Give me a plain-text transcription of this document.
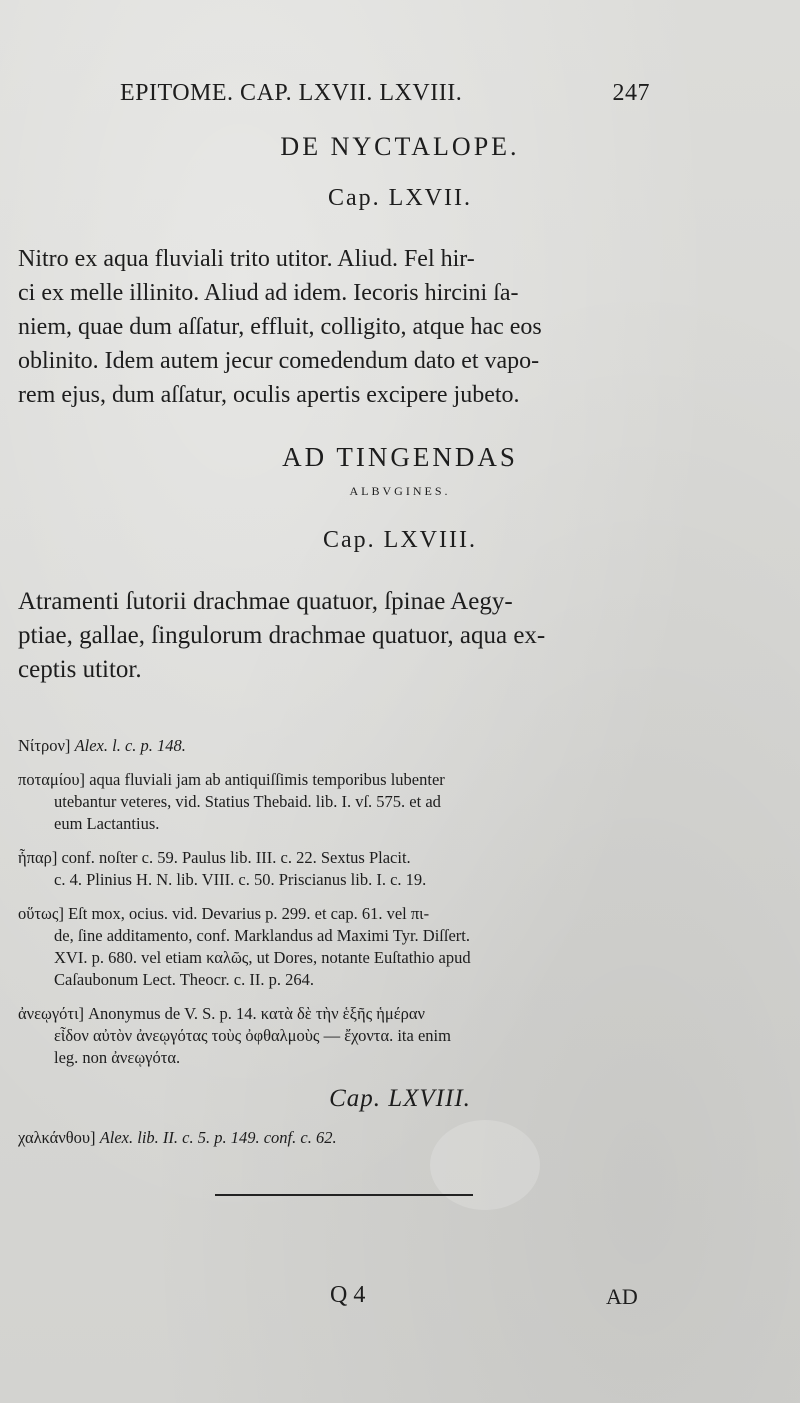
EPITOME. CAP. LXVII. LXVIII.	247
DE NYCTALOPE.
Cap. LXVII.
Nitro ex aqua fluviali trito utitor. Aliud. Fel hir-
ci ex melle illinito. Aliud ad idem. Iecoris hircini ſa-
niem, quae dum aſſatur, effluit, colligito, atque hac eos
oblinito. Idem autem jecur comedendum dato et vapo-
rem ejus, dum aſſatur, oculis apertis excipere jubeto.
AD TINGENDAS
ALBVGINES.
Cap. LXVIII.
Atramenti ſutorii drachmae quatuor, ſpinae Aegy-
ptiae, gallae, ſingulorum drachmae quatuor, aqua ex-
ceptis utitor.
Νίτρον] Alex. l. c. p. 148.
ποταμίου] aqua fluviali jam ab antiquiſſimis temporibus lubenter
utebantur veteres, vid. Statius Thebaid. lib. I. vſ. 575. et ad
eum Lactantius.
ἧπαρ] conf. noſter c. 59. Paulus lib. III. c. 22. Sextus Placit.
c. 4. Plinius H. N. lib. VIII. c. 50. Priscianus lib. I. c. 19.
οὕτως] Eſt mox, ocius. vid. Devarius p. 299. et cap. 61. vel πι-
de, ſine additamento, conf. Marklandus ad Maximi Tyr. Diſſert.
XVI. p. 680. vel etiam καλῶς, ut Dores, notante Euſtathio apud
Caſaubonum Lect. Theocr. c. II. p. 264.
ἀνεῳγότι] Anonymus de V. S. p. 14. κατὰ δὲ τὴν ἑξῆς ἡμέραν
εἶδον αὐτὸν ἀνεῳγότας τοὺς ὀφθαλμοὺς — ἔχοντα. ita enim
leg. non ἀνεῳγότα.
Cap. LXVIII.
χαλκάνθου] Alex. lib. II. c. 5. p. 149. conf. c. 62.
Q 4	AD
